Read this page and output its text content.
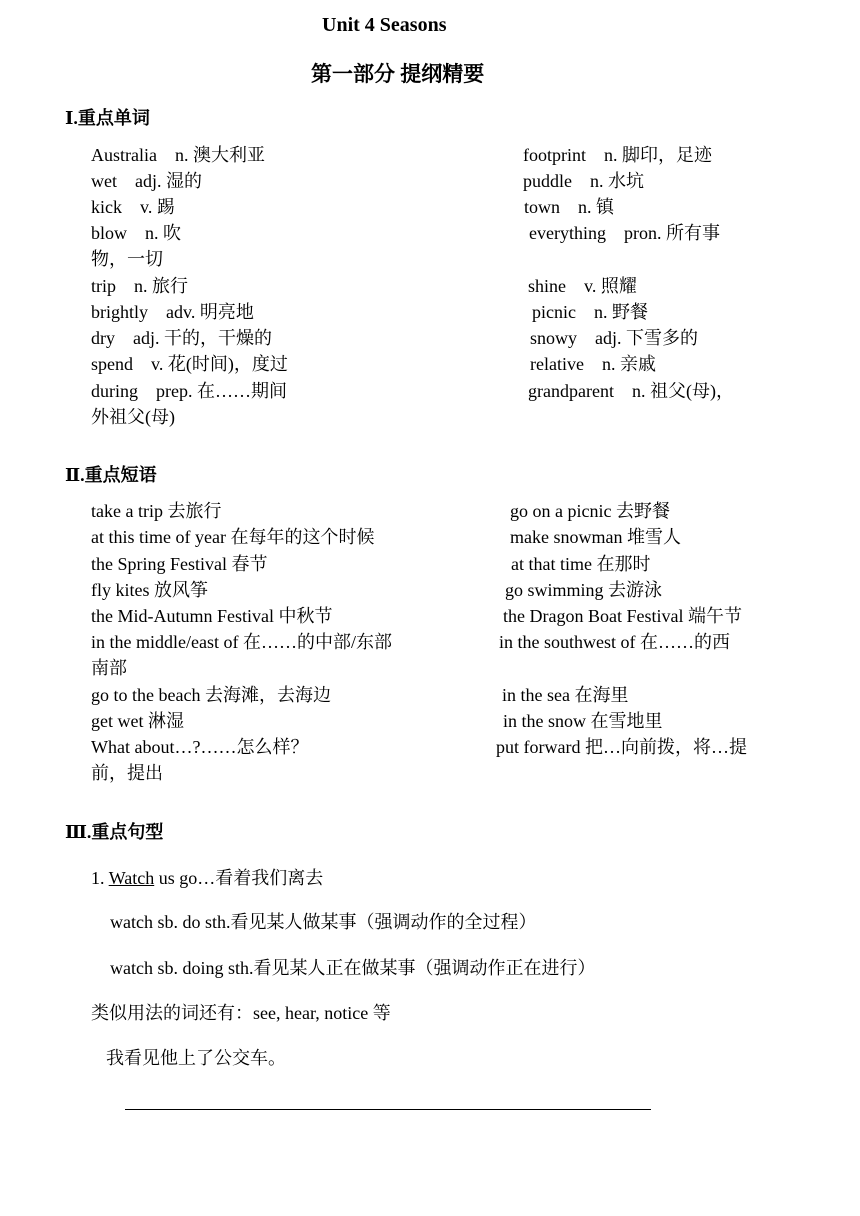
Unit 4 Seasons
第一部分 提纲精要
Ⅰ.重点单词
Australia　n. 澳大利亚
wet　adj. 湿的
kick　v. 踢
blow　n. 吹
物，一切
trip　n. 旅行
brightly　adv. 明亮地
dry　adj. 干的，干燥的
spend　v. 花(时间)，度过
during　prep. 在……期间
外祖父(母)
footprint　n. 脚印，足迹
puddle　n. 水坑
town　n. 镇
everything　pron. 所有事
shine　v. 照耀
picnic　n. 野餐
snowy　adj. 下雪多的
relative　n. 亲戚
grandparent　n. 祖父(母)，
Ⅱ.重点短语
take a trip 去旅行
at this time of year 在每年的这个时候
the Spring Festival 春节
fly kites 放风筝
the Mid-Autumn Festival 中秋节
in the middle/east of 在……的中部/东部
南部
go to the beach 去海滩，去海边
get wet 淋湿
What about…?……怎么样？
前，提出
go on a picnic 去野餐
make snowman 堆雪人
at that time 在那时
go swimming 去游泳
the Dragon Boat Festival 端午节
in the southwest of 在……的西
in the sea 在海里
in the snow 在雪地里
put forward 把…向前拨，将…提
Ⅲ.重点句型
1. Watch us go…看着我们离去
watch sb. do sth.看见某人做某事（强调动作的全过程）
watch sb. doing sth.看见某人正在做某事（强调动作正在进行）
类似用法的词还有：see, hear, notice 等
我看见他上了公交车。
